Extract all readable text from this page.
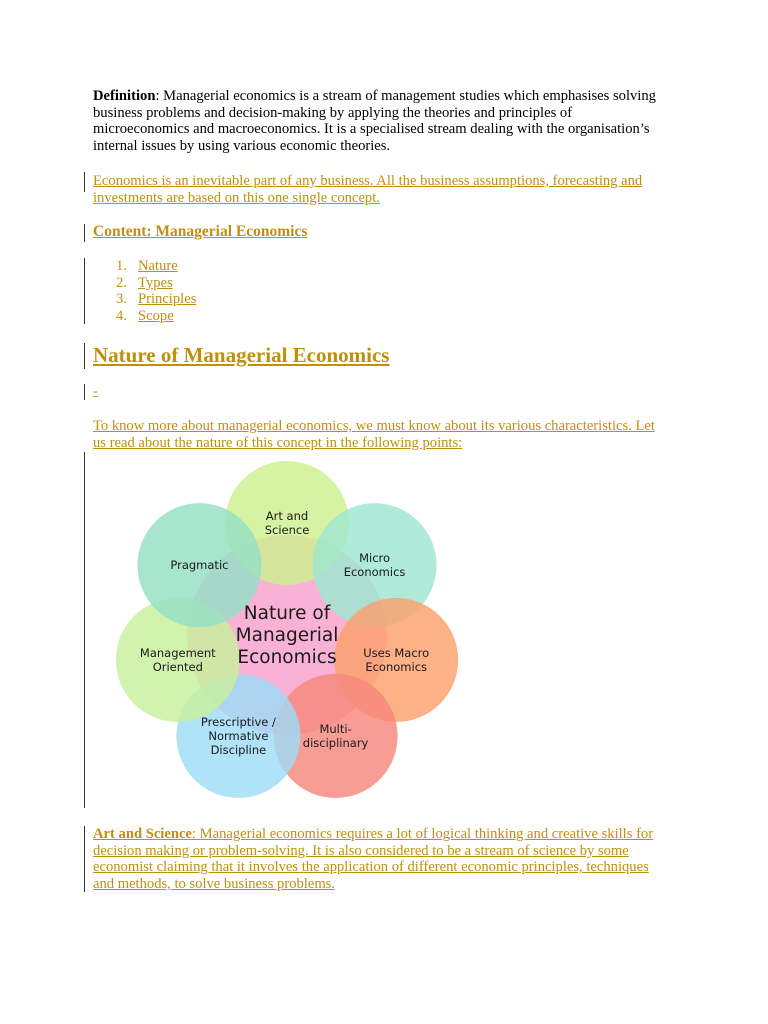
Definition: Managerial economics is a stream of management studies which emphasises solving business problems and decision-making by applying the theories and principles of microeconomics and macroeconomics. It is a specialised stream dealing with the organisation’s internal issues by using various economic theories.

Economics is an inevitable part of any business. All the business assumptions, forecasting and investments are based on this one single concept.

Content: Managerial Economics
1. Nature
2. Types
3. Principles
4. Scope
Nature of Managerial Economics
-

To know more about managerial economics, we must know about its various characteristics. Let us read about the nature of this concept in the following points:

Art and
Science
Micro
Economics
Uses Macro
Economics
Multi-
disciplinary
Prescriptive /
Normative
Discipline
Management
Oriented
Pragmatic
Nature of
Managerial
Economics

Art and Science: Managerial economics requires a lot of logical thinking and creative skills for decision making or problem-solving. It is also considered to be a stream of science by some economist claiming that it involves the application of different economic principles, techniques and methods, to solve business problems.
